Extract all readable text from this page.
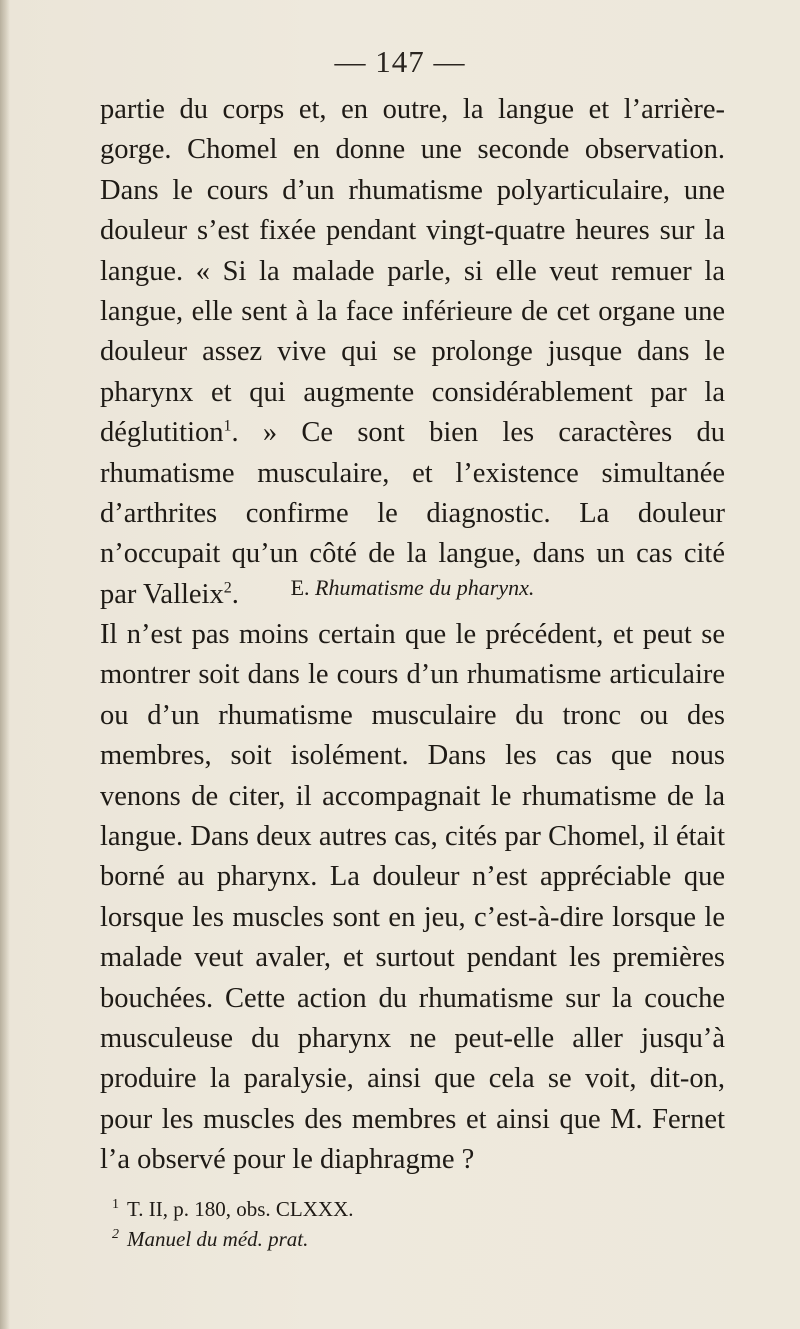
— 147 —

partie du corps et, en outre, la langue et l’arrière-gorge. Chomel en donne une seconde observation. Dans le cours d’un rhumatisme polyarticulaire, une douleur s’est fixée pendant vingt-quatre heures sur la langue. « Si la malade parle, si elle veut remuer la langue, elle sent à la face inférieure de cet organe une douleur assez vive qui se prolonge jusque dans le pharynx et qui augmente considérablement par la déglutition$^1$. » Ce sont bien les caractères du rhumatisme musculaire, et l’existence simultanée d’arthrites confirme le diagnostic. La douleur n’occupait qu’un côté de la langue, dans un cas cité par Valleix$^2$.	E. Rhumatisme du pharynx.

Il n’est pas moins certain que le précédent, et peut se montrer soit dans le cours d’un rhumatisme articulaire ou d’un rhumatisme musculaire du tronc ou des membres, soit isolément. Dans les cas que nous venons de citer, il accompagnait le rhumatisme de la langue. Dans deux autres cas, cités par Chomel, il était borné au pharynx. La douleur n’est appréciable que lorsque les muscles sont en jeu, c’est-à-dire lorsque le malade veut avaler, et surtout pendant les premières bouchées. Cette action du rhumatisme sur la couche musculeuse du pharynx ne peut-elle aller jusqu’à produire la paralysie, ainsi que cela se voit, dit-on, pour les muscles des membres et ainsi que M. Fernet l’a observé pour le diaphragme ?

$^1$ T. II, p. 180, obs. CLXXX.
$^2$ Manuel du méd. prat.
